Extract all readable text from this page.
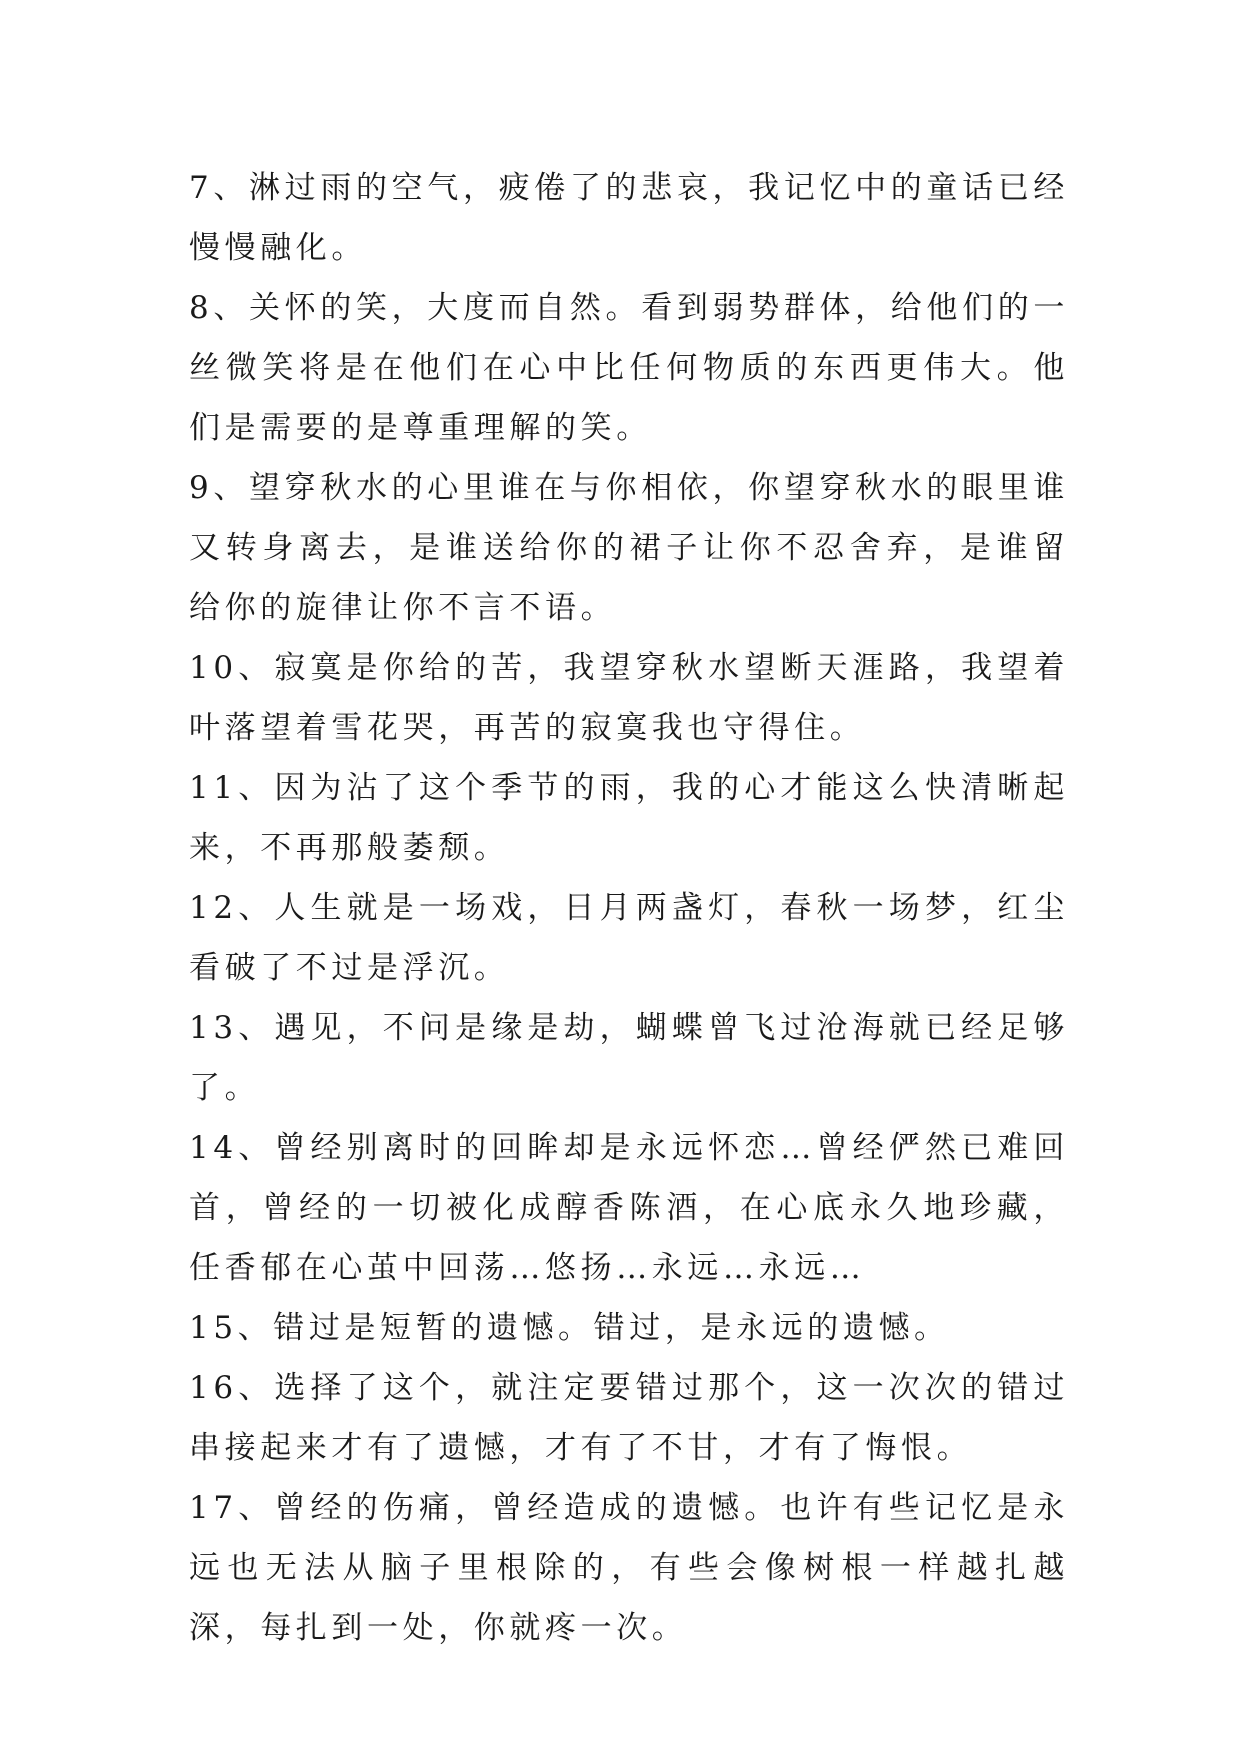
7、淋过雨的空气，疲倦了的悲哀，我记忆中的童话已经慢慢融化。

8、关怀的笑，大度而自然。看到弱势群体，给他们的一丝微笑将是在他们在心中比任何物质的东西更伟大。他们是需要的是尊重理解的笑。

9、望穿秋水的心里谁在与你相依，你望穿秋水的眼里谁又转身离去，是谁送给你的裙子让你不忍舍弃，是谁留给你的旋律让你不言不语。

10、寂寞是你给的苦，我望穿秋水望断天涯路，我望着叶落望着雪花哭，再苦的寂寞我也守得住。

11、因为沾了这个季节的雨，我的心才能这么快清晰起来，不再那般萎颓。

12、人生就是一场戏，日月两盏灯，春秋一场梦，红尘看破了不过是浮沉。

13、遇见，不问是缘是劫，蝴蝶曾飞过沧海就已经足够了。

14、曾经别离时的回眸却是永远怀恋…曾经俨然已难回首，曾经的一切被化成醇香陈酒，在心底永久地珍藏，任香郁在心茧中回荡…悠扬…永远…永远…

15、错过是短暂的遗憾。错过，是永远的遗憾。

16、选择了这个，就注定要错过那个，这一次次的错过串接起来才有了遗憾，才有了不甘，才有了悔恨。

17、曾经的伤痛，曾经造成的遗憾。也许有些记忆是永远也无法从脑子里根除的，有些会像树根一样越扎越深，每扎到一处，你就疼一次。
